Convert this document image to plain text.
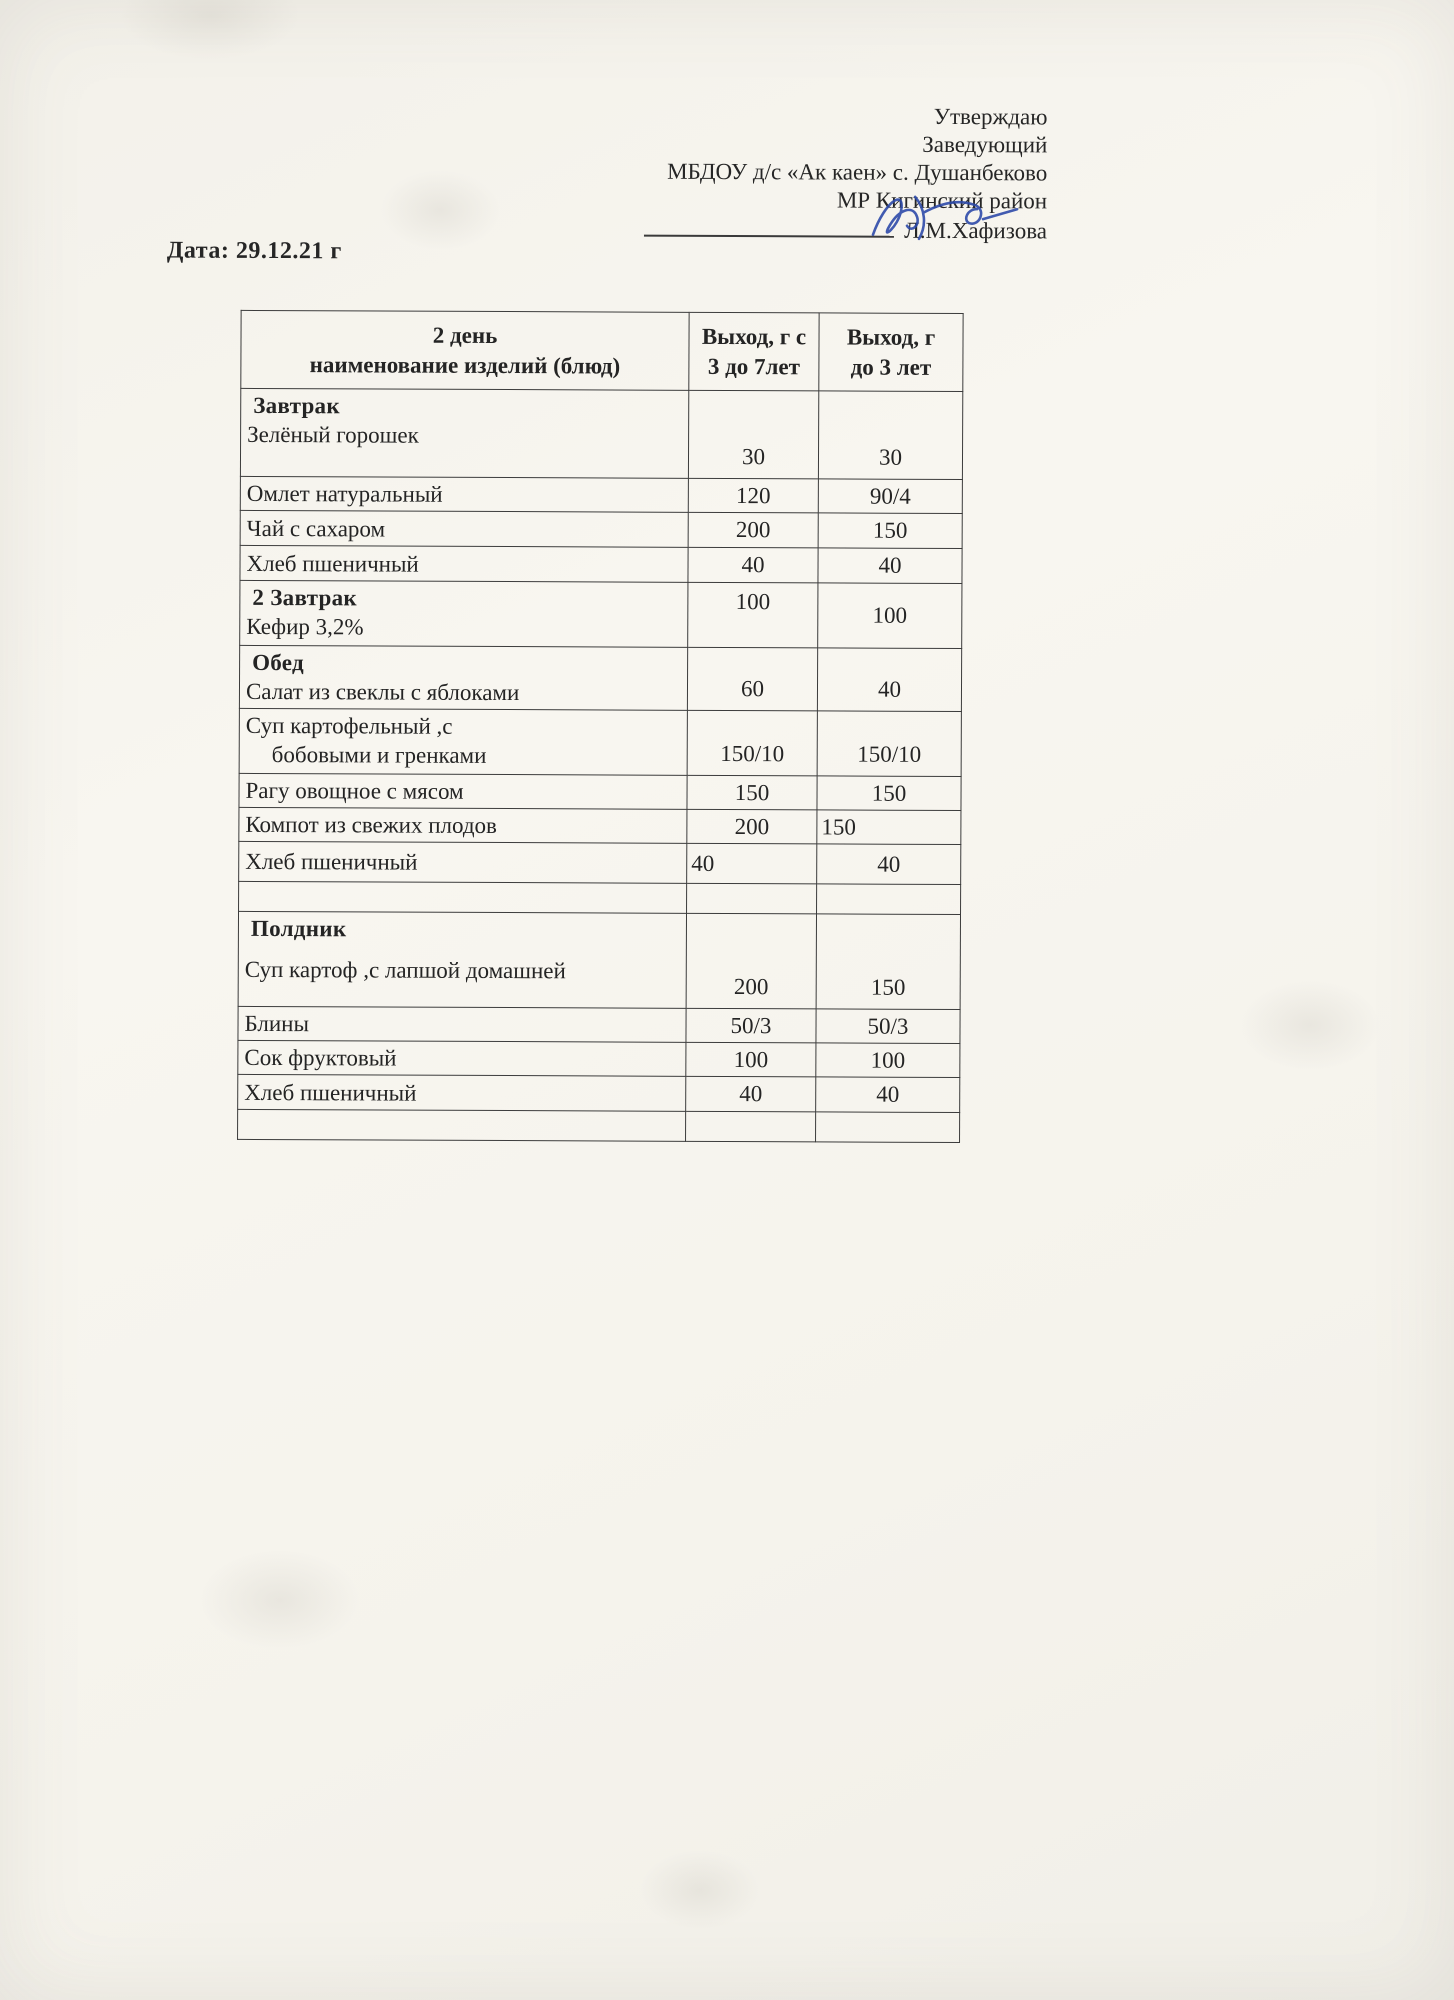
Утверждаю
Заведующий
МБДОУ д/с «Ак каен» с. Душанбеково
МР Кигинский район
Л.М.Хафизова
Дата: 29.12.21 г
2 день
наименование изделий (блюд)

Выход, г с
3 до 7лет

Выход, г
до 3 лет

Завтрак
Зелёный горошек	30	30
Омлет натуральный	120	90/4
Чай с сахаром	200	150
Хлеб пшеничный	40	40

2 Завтрак
Кефир 3,2%	100	100

Обед
Салат из свеклы с яблоками	60	40

Суп картофельный ,с
бобовыми и гренками	150/10	150/10
Рагу овощное с мясом	150	150
Компот из свежих плодов	200	150
Хлеб пшеничный	40	40

Полдник
Суп картоф ,с лапшой домашней	200	150
Блины	50/3	50/3
Сок фруктовый	100	100
Хлеб пшеничный	40	40
